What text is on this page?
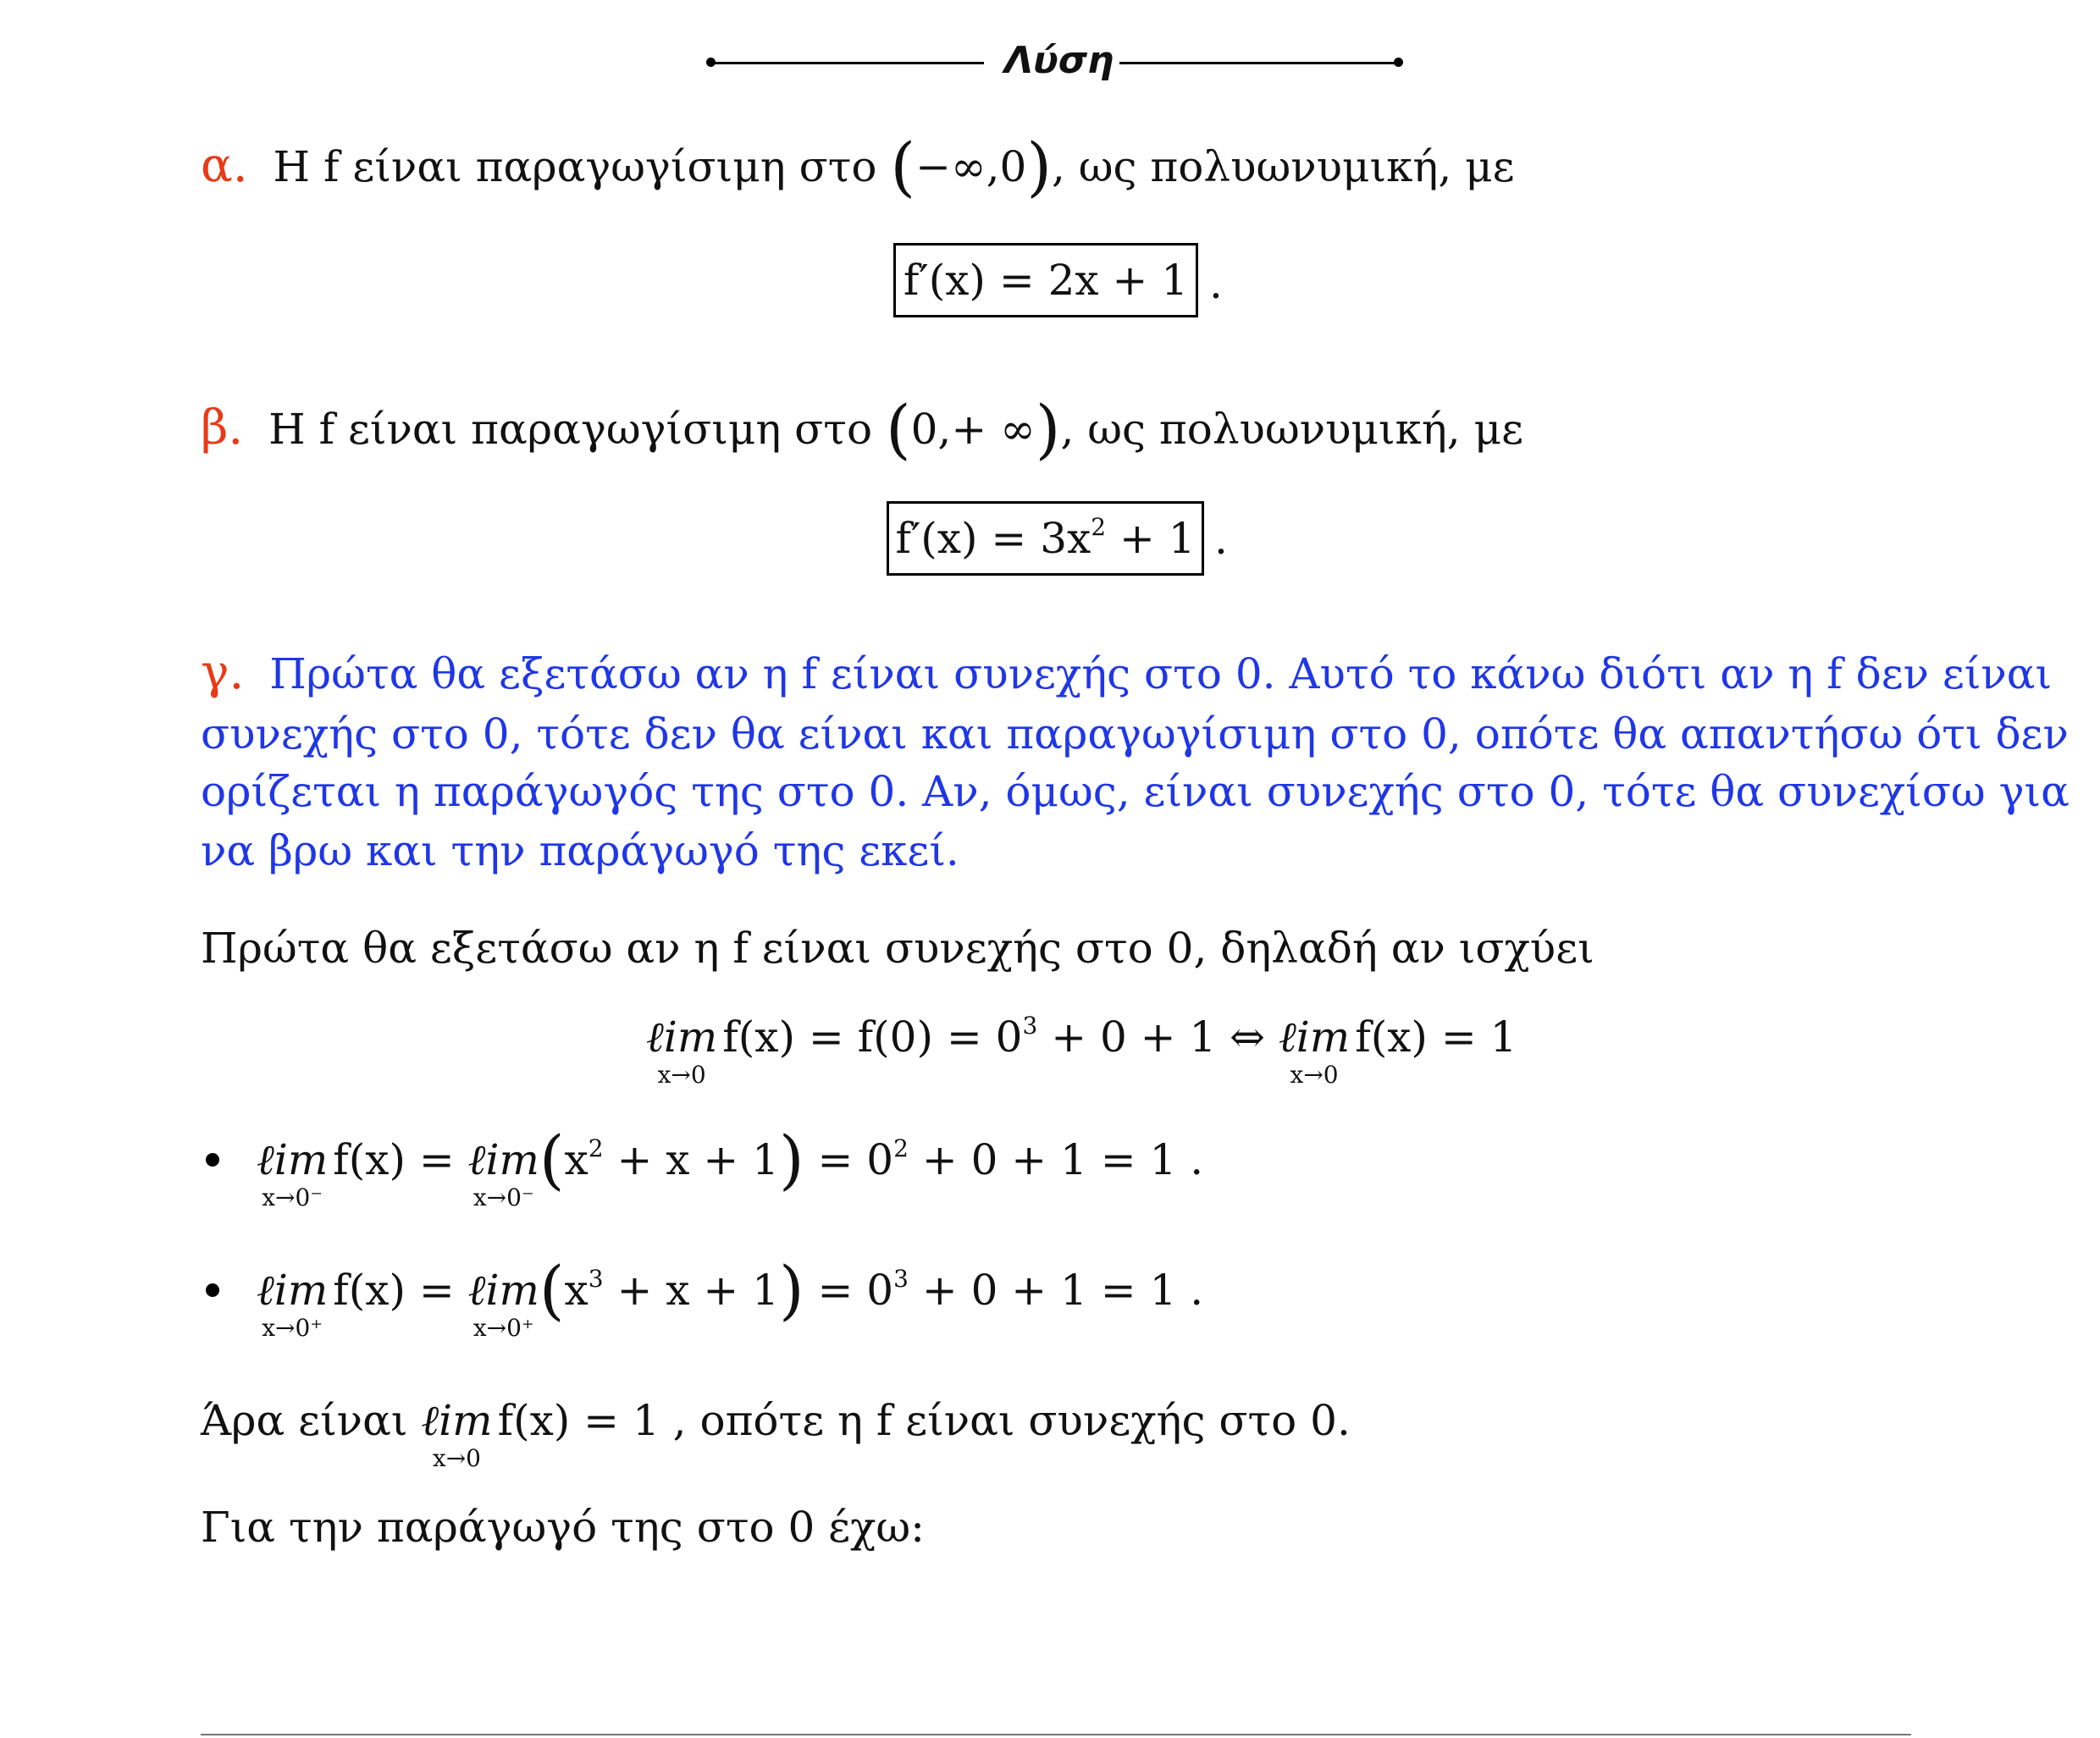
Λύση
α. Η f είναι παραγωγίσιμη στο (−∞,0), ως πολυωνυμική, με
f′(x) = 2x + 1 .
β. Η f είναι παραγωγίσιμη στο (0,+ ∞), ως πολυωνυμική, με
$f'(x) = 3x^2 + 1$ .
γ. Πρώτα θα εξετάσω αν η f είναι συνεχής στο 0. Αυτό το κάνω διότι αν η f δεν είναι
συνεχής στο 0, τότε δεν θα είναι και παραγωγίσιμη στο 0, οπότε θα απαντήσω ότι δεν
ορίζεται η παράγωγός της στο 0. Αν, όμως, είναι συνεχής στο 0, τότε θα συνεχίσω για
να βρω και την παράγωγό της εκεί.
Πρώτα θα εξετάσω αν η f είναι συνεχής στο 0, δηλαδή αν ισχύει
ℓim
x→0
$f(x) = f(0) = 0^3 + 0 + 1$ ⇔ ℓim
x→0
f(x) = 1
ℓim
x→0⁻
f(x) = ℓim
x→0⁻
$(x^2 + x + 1) = 0^2 + 0 + 1 = 1$ .
ℓim
x→0⁺
f(x) = ℓim
x→0⁺
$(x^3 + x + 1) = 0^3 + 0 + 1 = 1$ .
Άρα είναι ℓim
x→0
f(x) = 1 , οπότε η f είναι συνεχής στο 0.
Για την παράγωγό της στο 0 έχω:
